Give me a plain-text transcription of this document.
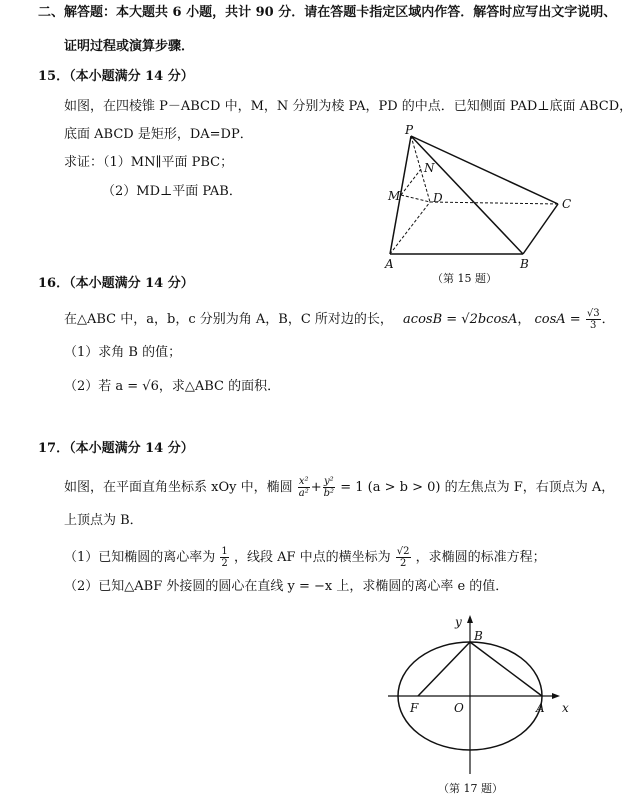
二、解答题：本大题共 6 小题，共计 90 分．请在答题卡指定区域内作答．解答时应写出文字说明、
证明过程或演算步骤．
15．（本小题满分 14 分）
如图，在四棱锥 P－ABCD 中，M，N 分别为棱 PA，PD 的中点．已知侧面 PAD⊥底面 ABCD，
底面 ABCD 是矩形，DA=DP．
求证：（1）MN∥平面 PBC；
（2）MD⊥平面 PAB．
P
N
M	D	C
A	B
（第 15 题）
16．（本小题满分 14 分）
在△ABC 中，a，b，c 分别为角 A，B，C 所对边的长， acosB = √2bcosA， $\cos A = \frac{√3}{3}$ ．
（1）求角 B 的值；
（2）若 a = √6，求△ABC 的面积．
17．（本小题满分 14 分）
如图，在平面直角坐标系 xOy 中，椭圆 $\frac{\text{x²}}{\text{a²}} + \frac{\text{y²}}{\text{b²}} = 1$ (a > b > 0) 的左焦点为 F，右顶点为 A，
上顶点为 B．
（1）已知椭圆的离心率为 $\frac{1}{2}$ ，线段 AF 中点的横坐标为 $\frac{√2}{2}$ ，求椭圆的标准方程；
（2）已知△ABF 外接圆的圆心在直线 y = −x 上，求椭圆的离心率 e 的值．
y
B
F	O	A x
（第 17 题）
